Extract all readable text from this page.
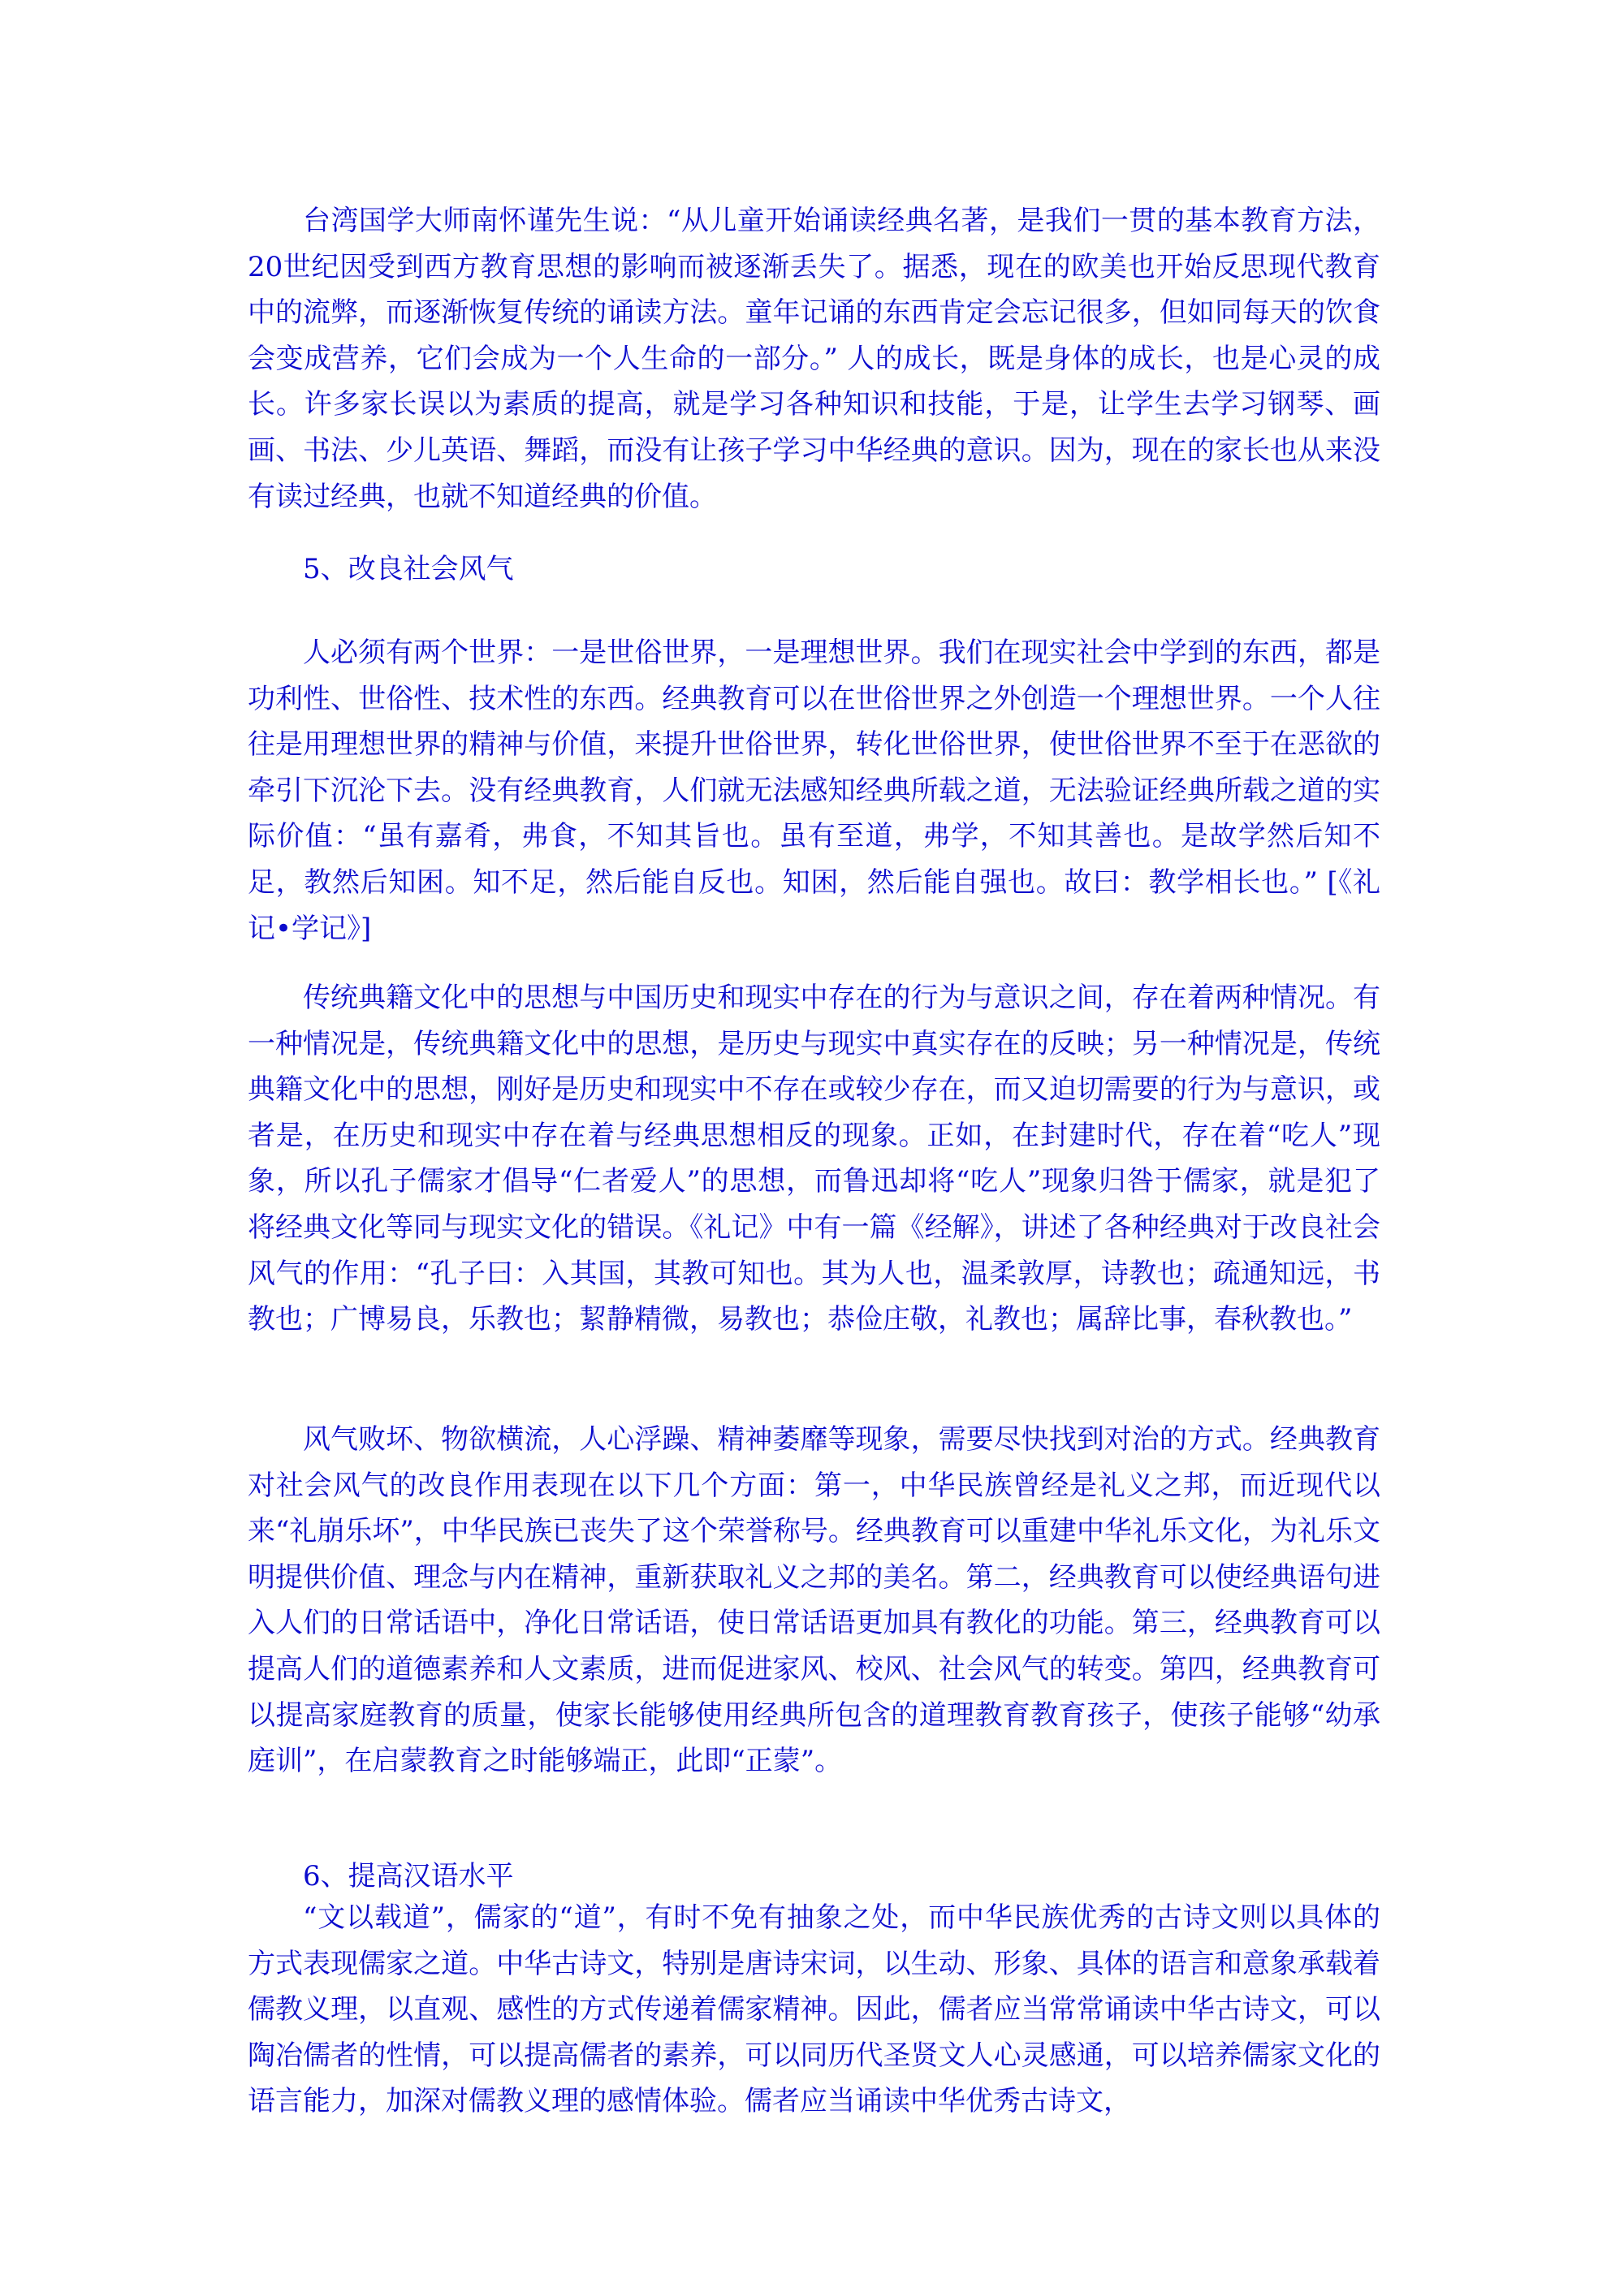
台湾国学大师南怀谨先生说：“从儿童开始诵读经典名著，是我们一贯的基本教育方法，20世纪因受到西方教育思想的影响而被逐渐丢失了。据悉，现在的欧美也开始反思现代教育中的流弊，而逐渐恢复传统的诵读方法。童年记诵的东西肯定会忘记很多，但如同每天的饮食会变成营养，它们会成为一个人生命的一部分。” 人的成长，既是身体的成长，也是心灵的成长。许多家长误以为素质的提高，就是学习各种知识和技能，于是，让学生去学习钢琴、画画、书法、少儿英语、舞蹈，而没有让孩子学习中华经典的意识。因为，现在的家长也从来没有读过经典，也就不知道经典的价值。

5、改良社会风气

人必须有两个世界：一是世俗世界，一是理想世界。我们在现实社会中学到的东西，都是功利性、世俗性、技术性的东西。经典教育可以在世俗世界之外创造一个理想世界。一个人往往是用理想世界的精神与价值，来提升世俗世界，转化世俗世界，使世俗世界不至于在恶欲的牵引下沉沦下去。没有经典教育，人们就无法感知经典所载之道，无法验证经典所载之道的实际价值：“虽有嘉肴，弗食，不知其旨也。虽有至道，弗学，不知其善也。是故学然后知不足，教然后知困。知不足，然后能自反也。知困，然后能自强也。故曰：教学相长也。” [《礼记•学记》]

传统典籍文化中的思想与中国历史和现实中存在的行为与意识之间，存在着两种情况。有一种情况是，传统典籍文化中的思想，是历史与现实中真实存在的反映；另一种情况是，传统典籍文化中的思想，刚好是历史和现实中不存在或较少存在，而又迫切需要的行为与意识，或者是，在历史和现实中存在着与经典思想相反的现象。正如，在封建时代，存在着“吃人”现象，所以孔子儒家才倡导“仁者爱人”的思想，而鲁迅却将“吃人”现象归咎于儒家，就是犯了将经典文化等同与现实文化的错误。《礼记》中有一篇《经解》，讲述了各种经典对于改良社会风气的作用：“孔子曰：入其国，其教可知也。其为人也，温柔敦厚，诗教也；疏通知远，书教也；广博易良，乐教也；絜静精微，易教也；恭俭庄敬，礼教也；属辞比事，春秋教也。”

风气败坏、物欲横流，人心浮躁、精神萎靡等现象，需要尽快找到对治的方式。经典教育对社会风气的改良作用表现在以下几个方面：第一，中华民族曾经是礼义之邦，而近现代以来“礼崩乐坏”，中华民族已丧失了这个荣誉称号。经典教育可以重建中华礼乐文化，为礼乐文明提供价值、理念与内在精神，重新获取礼义之邦的美名。第二，经典教育可以使经典语句进入人们的日常话语中，净化日常话语，使日常话语更加具有教化的功能。第三，经典教育可以提高人们的道德素养和人文素质，进而促进家风、校风、社会风气的转变。第四，经典教育可以提高家庭教育的质量，使家长能够使用经典所包含的道理教育教育孩子，使孩子能够“幼承庭训”，在启蒙教育之时能够端正，此即“正蒙”。

6、提高汉语水平

“文以载道”，儒家的“道”，有时不免有抽象之处，而中华民族优秀的古诗文则以具体的方式表现儒家之道。中华古诗文，特别是唐诗宋词，以生动、形象、具体的语言和意象承载着儒教义理，以直观、感性的方式传递着儒家精神。因此，儒者应当常常诵读中华古诗文，可以陶冶儒者的性情，可以提高儒者的素养，可以同历代圣贤文人心灵感通，可以培养儒家文化的语言能力，加深对儒教义理的感情体验。儒者应当诵读中华优秀古诗文，
